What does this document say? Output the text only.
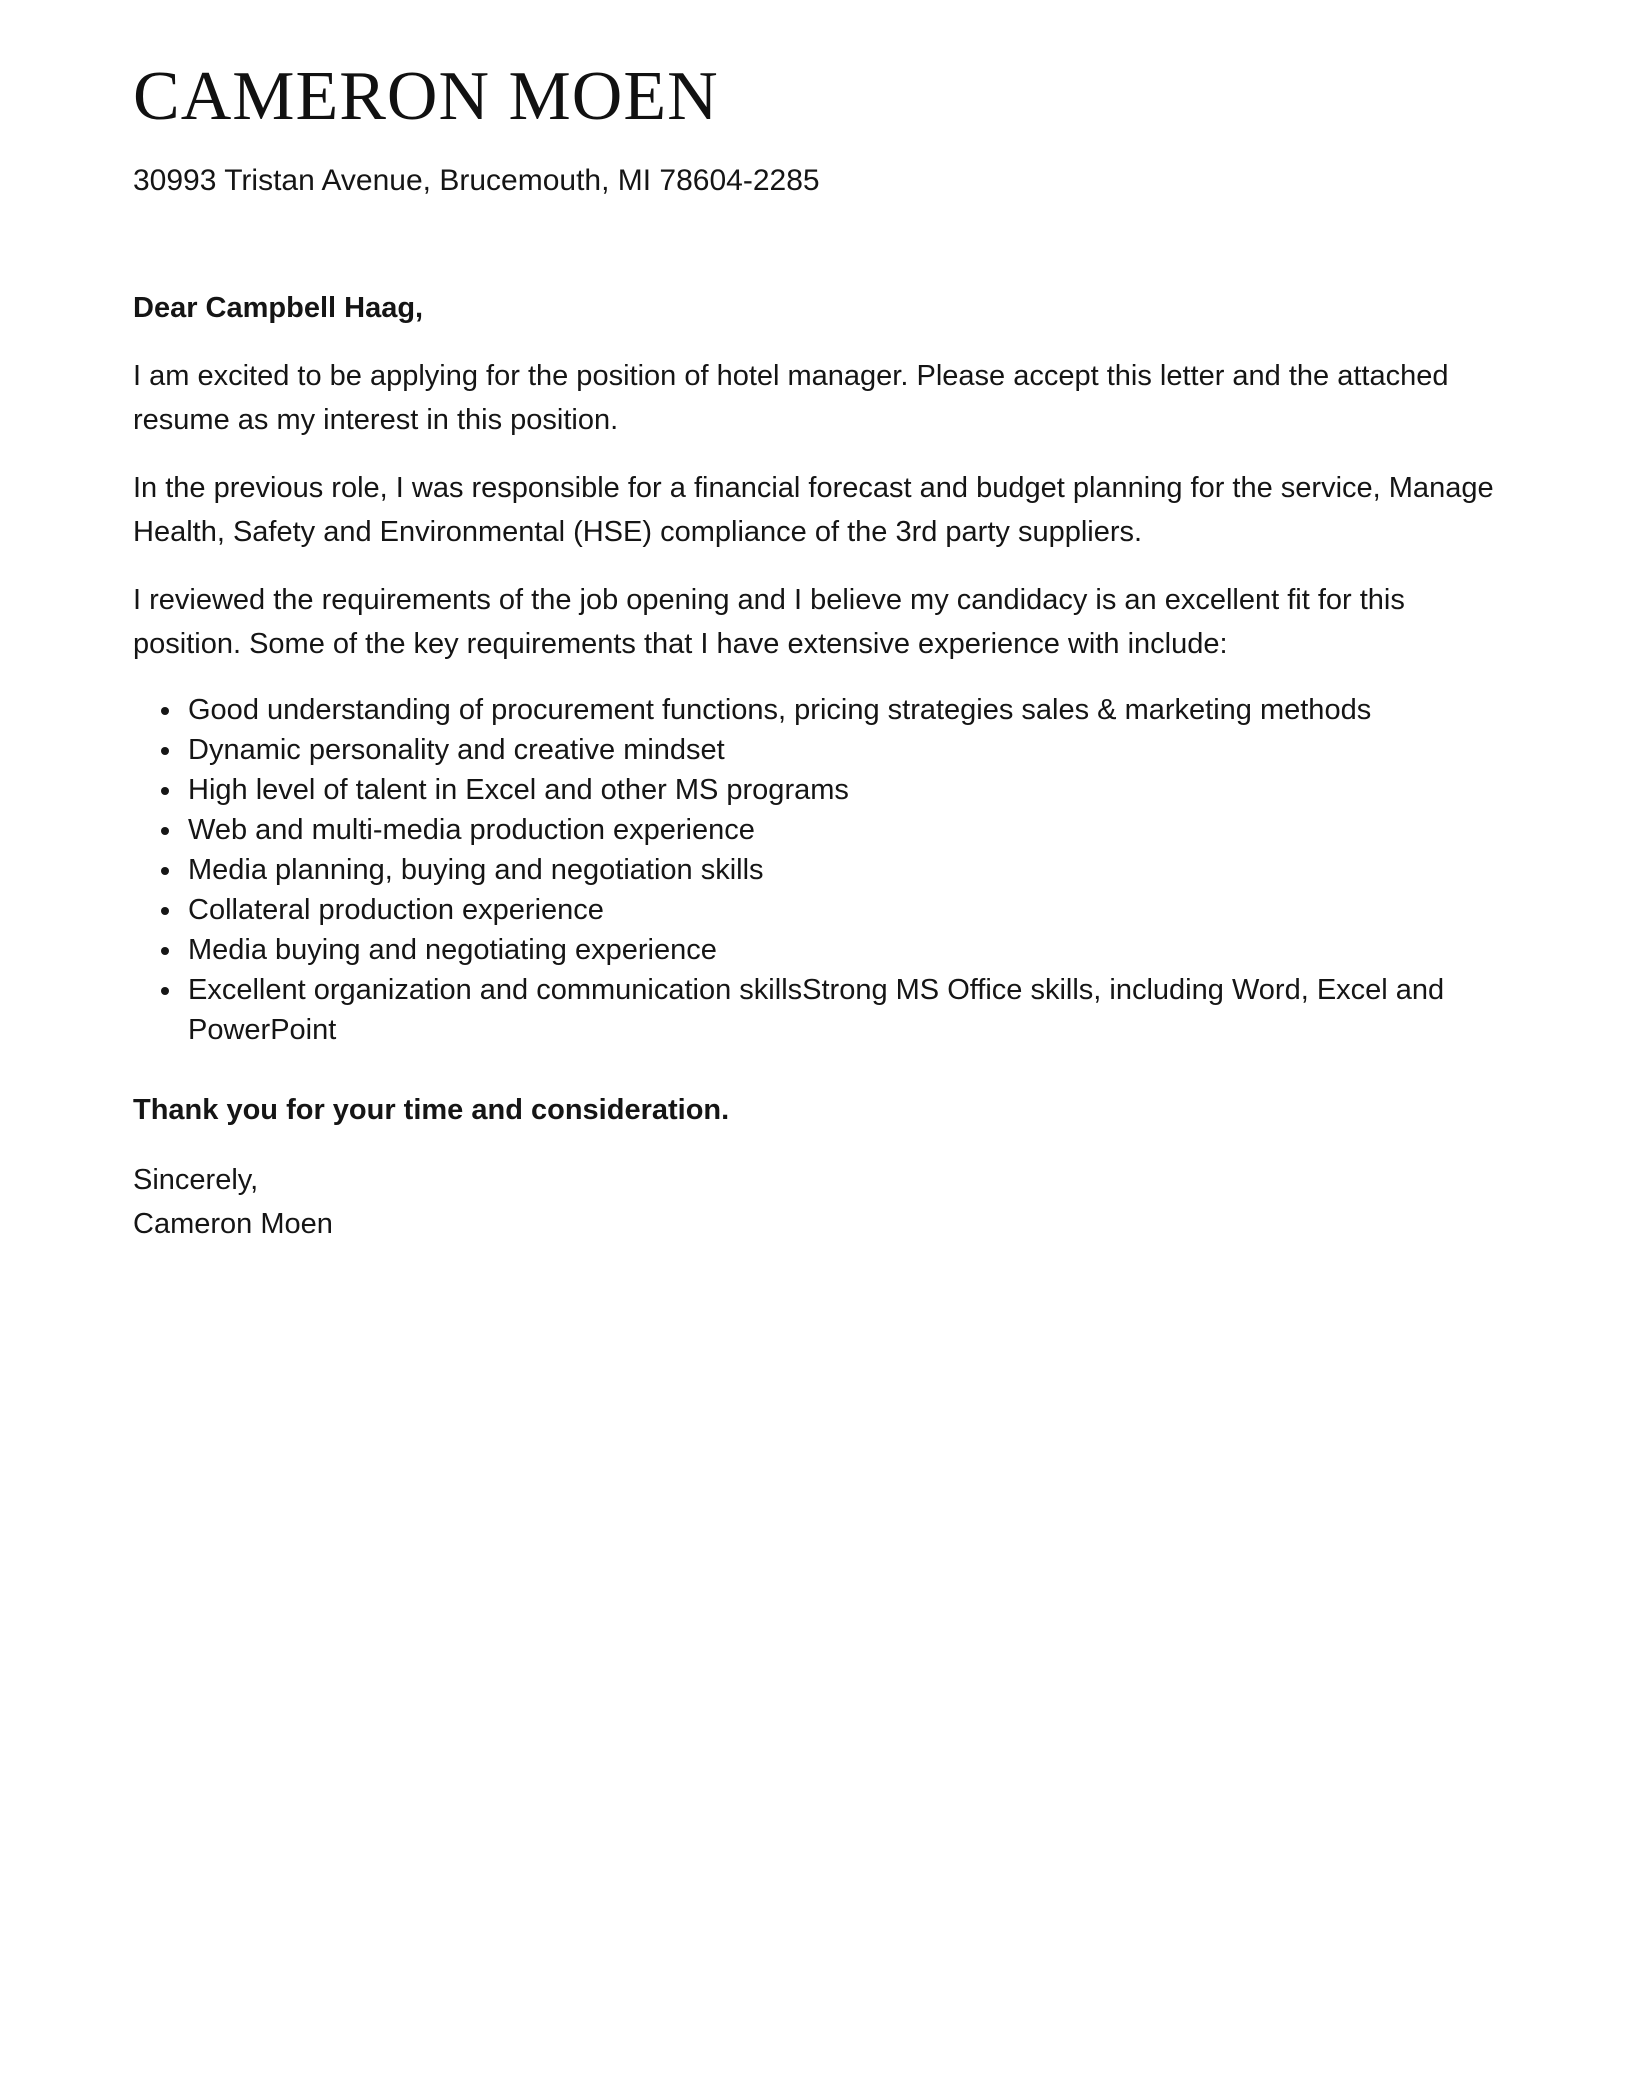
CAMERON MOEN

30993 Tristan Avenue, Brucemouth, MI 78604-2285

Dear Campbell Haag,

I am excited to be applying for the position of hotel manager. Please accept this letter and the attached resume as my interest in this position.

In the previous role, I was responsible for a financial forecast and budget planning for the service, Manage Health, Safety and Environmental (HSE) compliance of the 3rd party suppliers.

I reviewed the requirements of the job opening and I believe my candidacy is an excellent fit for this position. Some of the key requirements that I have extensive experience with include:

• Good understanding of procurement functions, pricing strategies sales & marketing methods
• Dynamic personality and creative mindset
• High level of talent in Excel and other MS programs
• Web and multi-media production experience
• Media planning, buying and negotiation skills
• Collateral production experience
• Media buying and negotiating experience
• Excellent organization and communication skillsStrong MS Office skills, including Word, Excel and PowerPoint

Thank you for your time and consideration.

Sincerely,

Cameron Moen
